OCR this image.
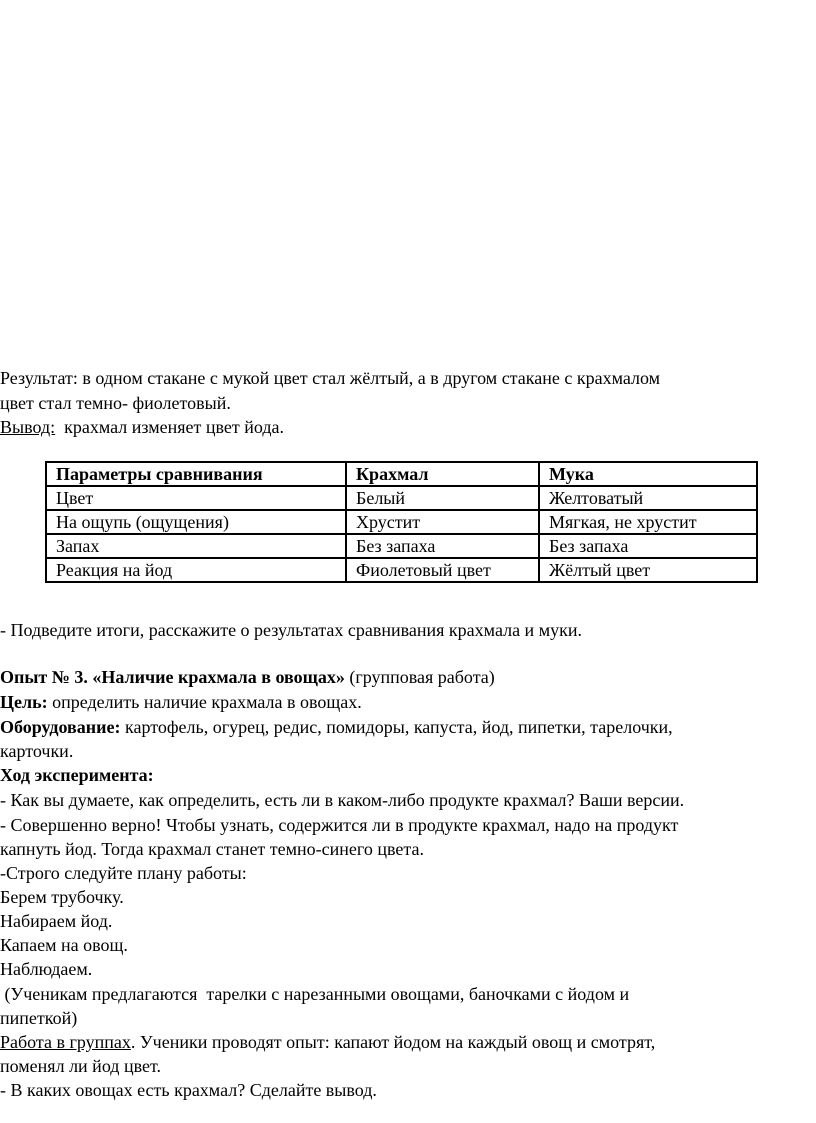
Результат: в одном стакане с мукой цвет стал жёлтый, а в другом стакане с крахмалом
цвет стал темно- фиолетовый.
Вывод:  крахмал изменяет цвет йода.
Параметры сравнивания	Крахмал	Мука
Цвет	Белый	Желтоватый
На ощупь (ощущения)	Хрустит	Мягкая, не хрустит
Запах	Без запаха	Без запаха
Реакция на йод	Фиолетовый цвет	Жёлтый цвет
- Подведите итоги, расскажите о результатах сравнивания крахмала и муки.
Опыт № 3. «Наличие крахмала в овощах» (групповая работа)
Цель: определить наличие крахмала в овощах.
Оборудование: картофель, огурец, редис, помидоры, капуста, йод, пипетки, тарелочки,
карточки.
Ход эксперимента:
- Как вы думаете, как определить, есть ли в каком-либо продукте крахмал? Ваши версии.
- Совершенно верно! Чтобы узнать, содержится ли в продукте крахмал, надо на продукт
капнуть йод. Тогда крахмал станет темно-синего цвета.
-Строго следуйте плану работы:
Берем трубочку.
Набираем йод.
Капаем на овощ.
Наблюдаем.
(Ученикам предлагаются  тарелки с нарезанными овощами, баночками с йодом и
пипеткой)
Работа в группах. Ученики проводят опыт: капают йодом на каждый овощ и смотрят,
поменял ли йод цвет.
- В каких овощах есть крахмал? Сделайте вывод.
